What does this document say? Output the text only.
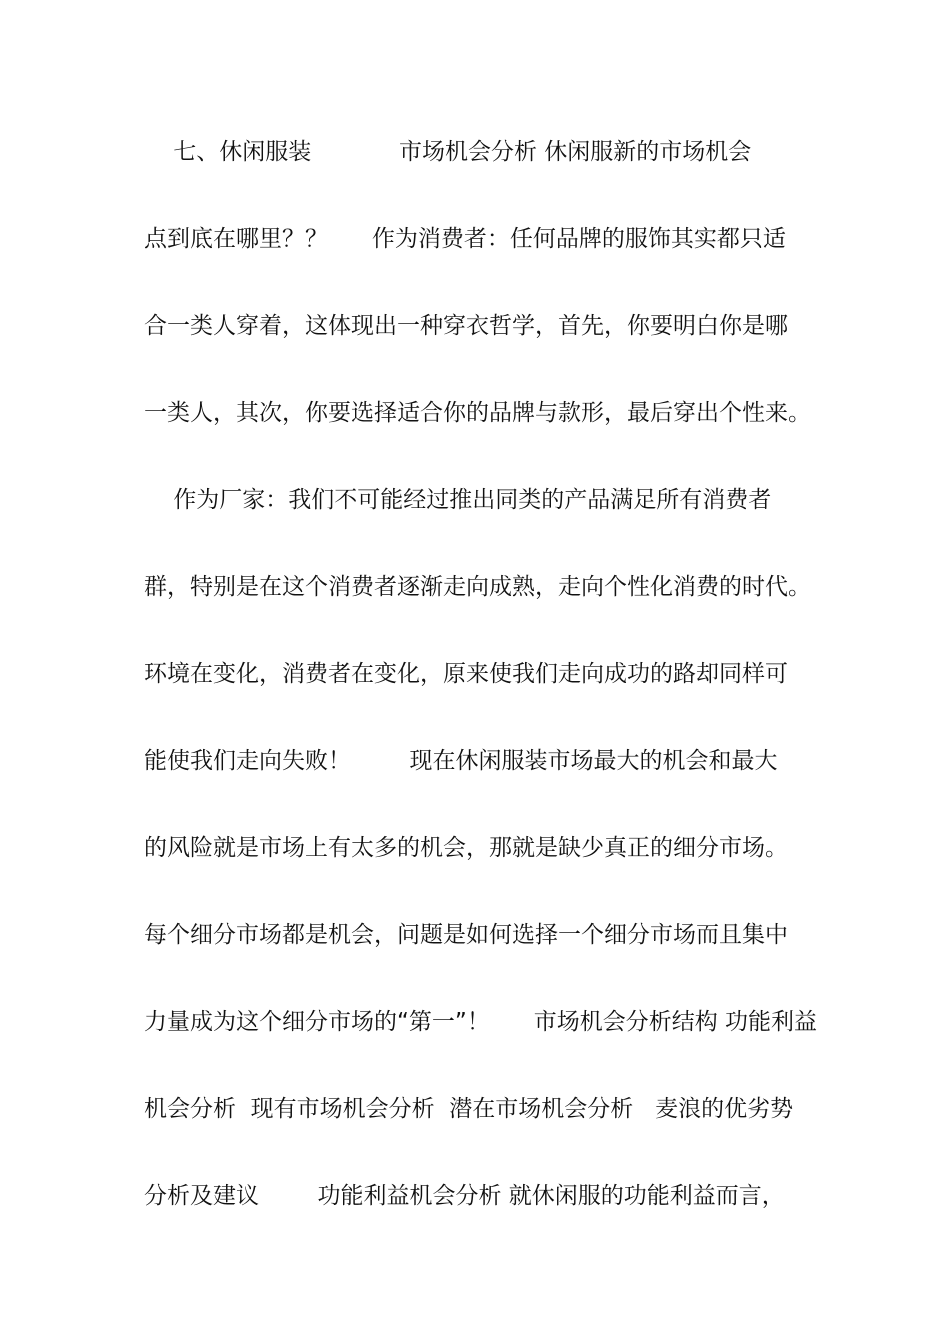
七、休闲服装            市场机会分析 休闲服新的市场机会
点到底在哪里？？      作为消费者：任何品牌的服饰其实都只适
合一类人穿着，这体现出一种穿衣哲学，首先，你要明白你是哪
一类人，其次，你要选择适合你的品牌与款形，最后穿出个性来。
作为厂家：我们不可能经过推出同类的产品满足所有消费者
群，特别是在这个消费者逐渐走向成熟，走向个性化消费的时代。
环境在变化，消费者在变化，原来使我们走向成功的路却同样可
能使我们走向失败！        现在休闲服装市场最大的机会和最大
的风险就是市场上有太多的机会，那就是缺少真正的细分市场。
每个细分市场都是机会，问题是如何选择一个细分市场而且集中
力量成为这个细分市场的“第一”！      市场机会分析结构 功能利益
机会分析  现有市场机会分析  潜在市场机会分析   麦浪的优劣势
分析及建议        功能利益机会分析 就休闲服的功能利益而言，
